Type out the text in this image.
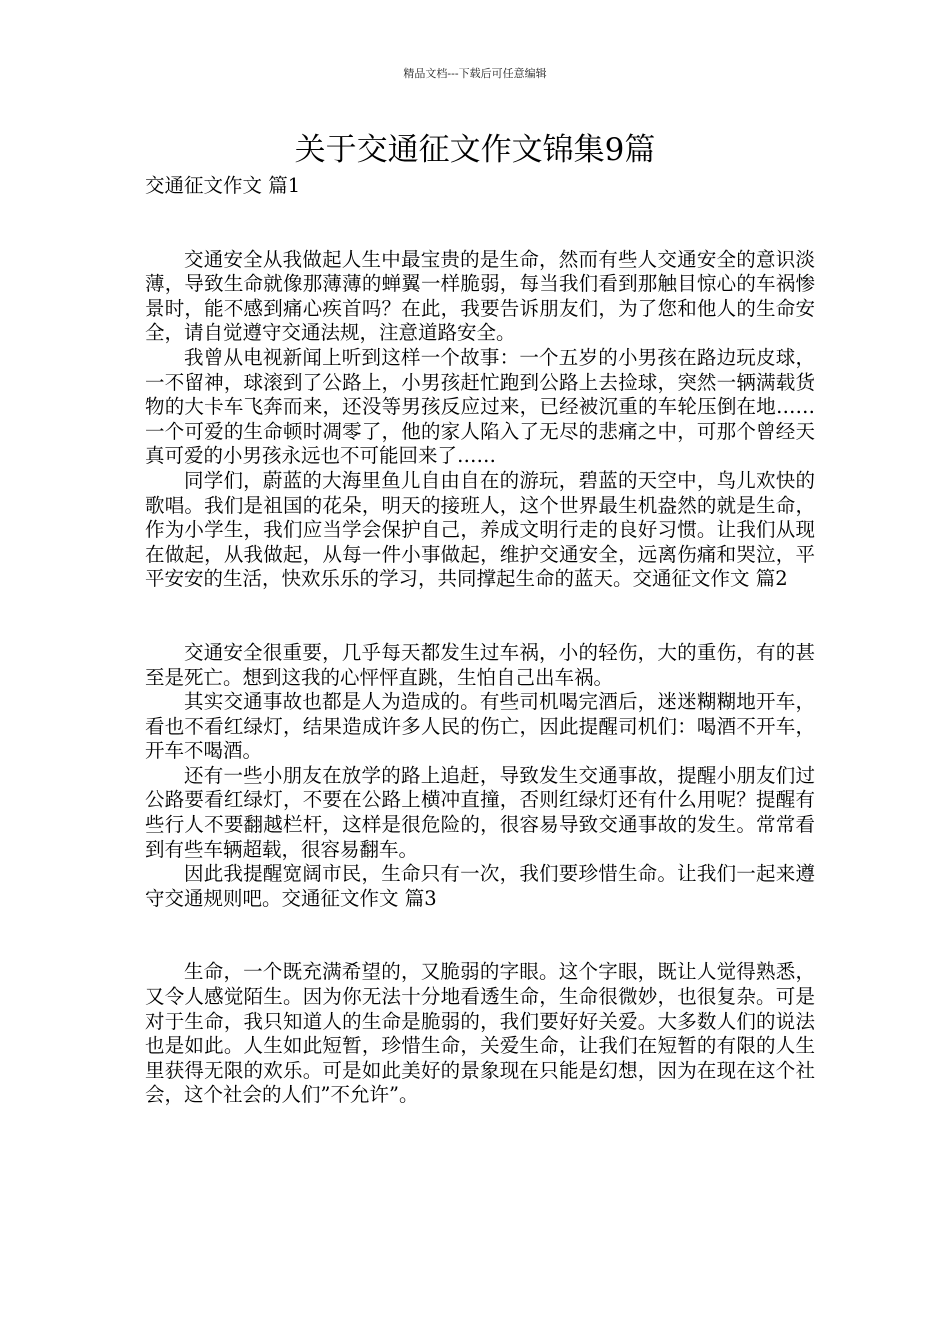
精品文档---下载后可任意编辑
关于交通征文作文锦集9篇

交通征文作文 篇1

交通安全从我做起人生中最宝贵的是生命，然而有些人交通安全的意识淡薄，导致生命就像那薄薄的蝉翼一样脆弱，每当我们看到那触目惊心的车祸惨景时，能不感到痛心疾首吗？在此，我要告诉朋友们，为了您和他人的生命安全，请自觉遵守交通法规，注意道路安全。

我曾从电视新闻上听到这样一个故事：一个五岁的小男孩在路边玩皮球，一不留神，球滚到了公路上，小男孩赶忙跑到公路上去捡球，突然一辆满载货物的大卡车飞奔而来，还没等男孩反应过来，已经被沉重的车轮压倒在地……一个可爱的生命顿时凋零了，他的家人陷入了无尽的悲痛之中，可那个曾经天真可爱的小男孩永远也不可能回来了……

同学们，蔚蓝的大海里鱼儿自由自在的游玩，碧蓝的天空中，鸟儿欢快的歌唱。我们是祖国的花朵，明天的接班人，这个世界最生机盎然的就是生命，作为小学生，我们应当学会保护自己，养成文明行走的良好习惯。让我们从现在做起，从我做起，从每一件小事做起，维护交通安全，远离伤痛和哭泣，平平安安的生活，快欢乐乐的学习，共同撑起生命的蓝天。交通征文作文 篇2

交通安全很重要，几乎每天都发生过车祸，小的轻伤，大的重伤，有的甚至是死亡。想到这我的心怦怦直跳，生怕自己出车祸。

其实交通事故也都是人为造成的。有些司机喝完酒后，迷迷糊糊地开车，看也不看红绿灯，结果造成许多人民的伤亡，因此提醒司机们：喝酒不开车，开车不喝酒。

还有一些小朋友在放学的路上追赶，导致发生交通事故，提醒小朋友们过公路要看红绿灯，不要在公路上横冲直撞，否则红绿灯还有什么用呢？提醒有些行人不要翻越栏杆，这样是很危险的，很容易导致交通事故的发生。常常看到有些车辆超载，很容易翻车。

因此我提醒宽阔市民，生命只有一次，我们要珍惜生命。让我们一起来遵守交通规则吧。交通征文作文 篇3

生命，一个既充满希望的，又脆弱的字眼。这个字眼，既让人觉得熟悉，又令人感觉陌生。因为你无法十分地看透生命，生命很微妙，也很复杂。可是对于生命，我只知道人的生命是脆弱的，我们要好好关爱。大多数人们的说法也是如此。人生如此短暂，珍惜生命，关爱生命，让我们在短暂的有限的人生里获得无限的欢乐。可是如此美好的景象现在只能是幻想，因为在现在这个社会，这个社会的人们”不允许”。
